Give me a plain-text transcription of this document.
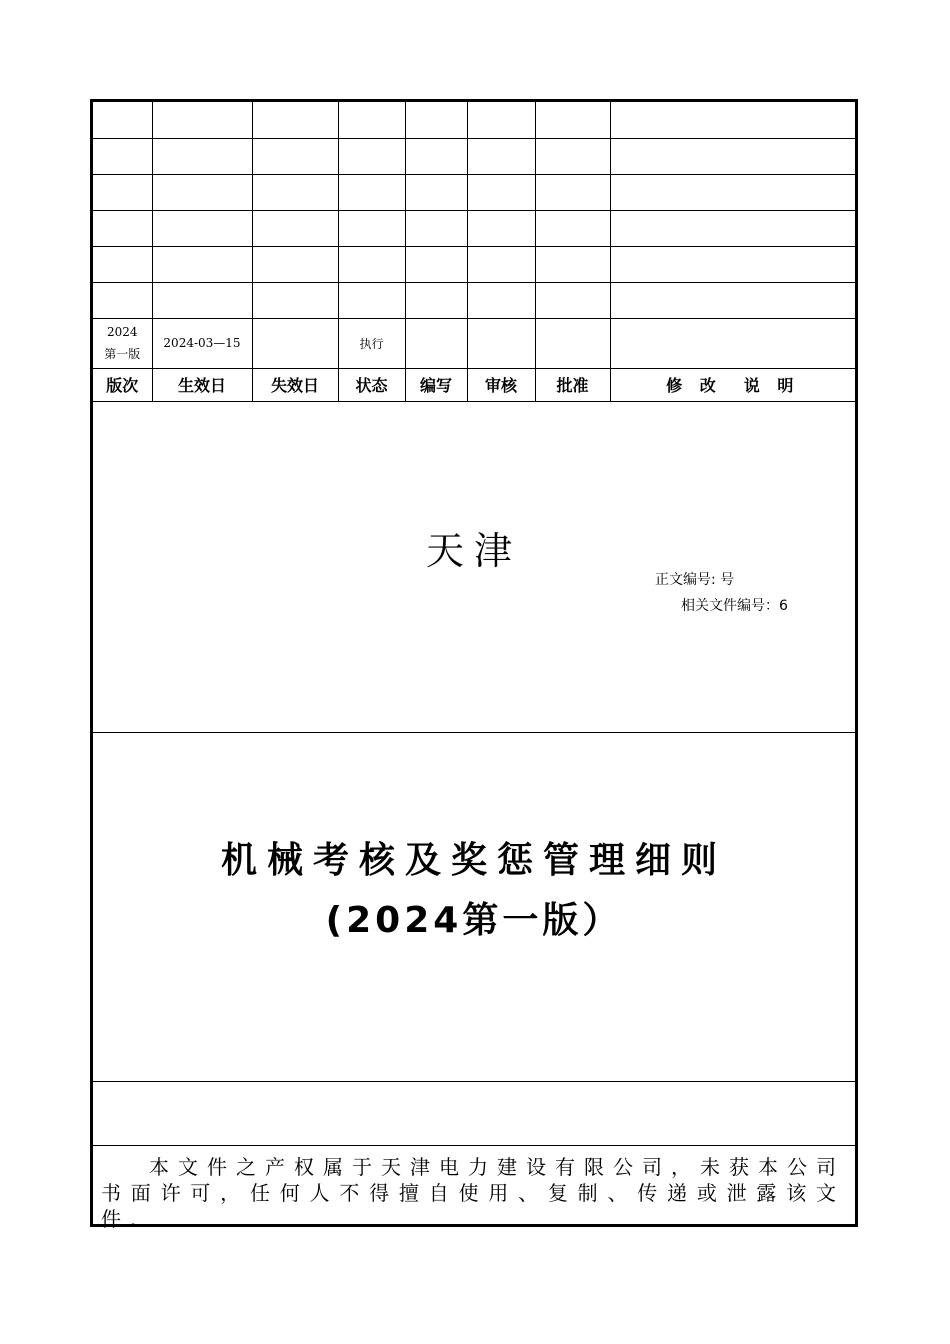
2024
第一版	2024-03—15		执行				
版次	生效日	失效日	状态	编写	审核	批准	修 改　说 明
天津
正文编号: 号
相关文件编号：6
机械考核及奖惩管理细则
(2024第一版）
本文件之产权属于天津电力建设有限公司，未获本公司书面许可，任何人不得擅自使用、复制、传递或泄露该文件.
